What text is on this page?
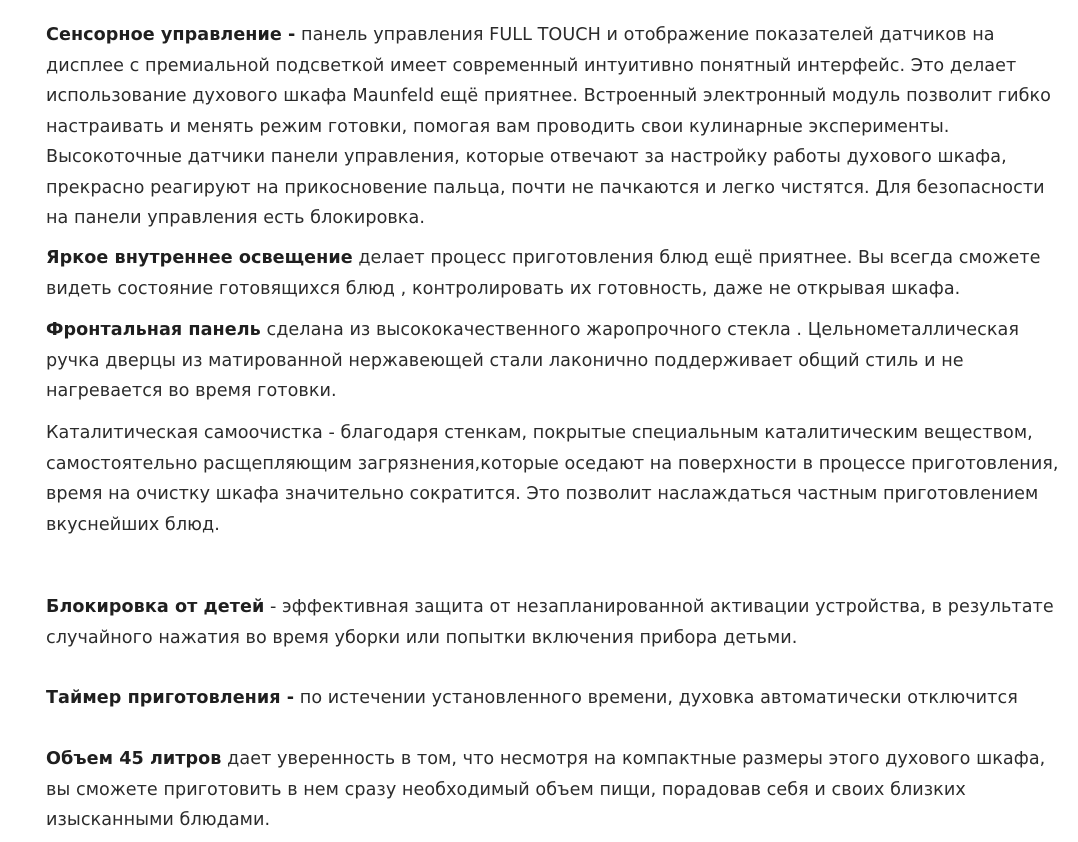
Сенсорное управление - панель управления FULL TOUCH и отображение показателей датчиков на дисплее с премиальной подсветкой имеет современный интуитивно понятный интерфейс. Это делает использование духового шкафа Maunfeld ещё приятнее. Встроенный электронный модуль позволит гибко настраивать и менять режим готовки, помогая вам проводить свои кулинарные эксперименты. Высокоточные датчики панели управления, которые отвечают за настройку работы духового шкафа, прекрасно реагируют на прикосновение пальца, почти не пачкаются и легко чистятся. Для безопасности на панели управления есть блокировка.

Яркое внутреннее освещение делает процесс приготовления блюд ещё приятнее. Вы всегда сможете видеть состояние готовящихся блюд , контролировать их готовность, даже не открывая шкафа.

Фронтальная панель сделана из высококачественного жаропрочного стекла . Цельнометаллическая ручка дверцы из матированной нержавеющей стали лаконично поддерживает общий стиль и не нагревается во время готовки.

Каталитическая самоочистка - благодаря стенкам, покрытые специальным каталитическим веществом, самостоятельно расщепляющим загрязнения,которые оседают на поверхности в процессе приготовления, время на очистку шкафа значительно сократится. Это позволит наслаждаться частным приготовлением вкуснейших блюд.

Блокировка от детей - эффективная защита от незапланированной активации устройства, в результате случайного нажатия во время уборки или попытки включения прибора детьми.

Таймер приготовления - по истечении установленного времени, духовка автоматически отключится

Объем 45 литров дает уверенность в том, что несмотря на компактные размеры этого духового шкафа, вы сможете приготовить в нем сразу необходимый объем пищи, порадовав себя и своих близких изысканными блюдами.
